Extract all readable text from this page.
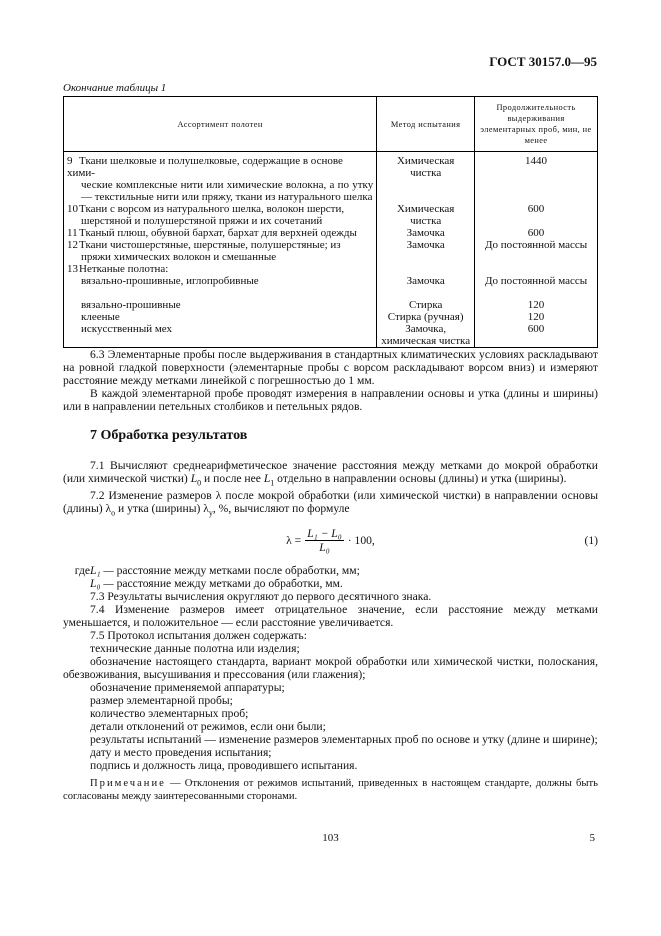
ГОСТ 30157.0—95
Окончание таблицы 1
Ассортимент полотен	Метод испытания	Продолжительность выдерживания элементарных проб, мин, не менее
9 Ткани шелковые и полушелковые, содержащие в основе хими-
ческие комплексные нити или химические волокна, а по утку — текстильные нити или пряжу, ткани из натурального шелка	Химическая чистка	1440
10Ткани с ворсом из натурального шелка, волокон шерсти,
шерстяной и полушерстяной пряжи и их сочетаний	Химическая чистка	600
11Тканый плюш, обувной бархат, бархат для верхней одежды	Замочка	600
12Ткани чистошерстяные, шерстяные, полушерстяные; из
пряжи химических волокон и смешанные	Замочка	До постоянной массы
13Нетканые полотна:		
вязально-прошивные, иглопробивные	Замочка	До постоянной массы
вязально-прошивные	Стирка	120
клееные	Стирка (ручная)	120
искусственный мех	Замочка, химическая чистка	600

6.3 Элементарные пробы после выдерживания в стандартных климатических условиях раскладывают на ровной гладкой поверхности (элементарные пробы с ворсом раскладывают ворсом вниз) и измеряют расстояние между метками линейкой с погрешностью до 1 мм.

В каждой элементарной пробе проводят измерения в направлении основы и утка (длины и ширины) или в направлении петельных столбиков и петельных рядов.

7 Обработка результатов

7.1 Вычисляют среднеарифметическое значение расстояния между метками до мокрой обработки (или химической чистки) $L_0$ и после нее $L_1$ отдельно в направлении основы (длины) и утка (ширины).

7.2 Изменение размеров λ после мокрой обработки (или химической чистки) в направлении основы (длины) $\lambda_о$ и утка (ширины) $\lambda_у$, %, вычисляют по формуле

$\lambda = \frac{\text{L₁ − L₀}}{\text{L₀}} \cdot 100$,	(1)
гдеL₁ — расстояние между метками после обработки, мм;
L₀ — расстояние между метками до обработки, мм.

7.3 Результаты вычисления округляют до первого десятичного знака.

7.4 Изменение размеров имеет отрицательное значение, если расстояние между метками уменьшается, и положительное — если расстояние увеличивается.

7.5 Протокол испытания должен содержать:

технические данные полотна или изделия;

обозначение настоящего стандарта, вариант мокрой обработки или химической чистки, полоскания, обезвоживания, высушивания и прессования (или глажения);

обозначение применяемой аппаратуры;

размер элементарной пробы;

количество элементарных проб;

детали отклонений от режимов, если они были;

результаты испытаний — изменение размеров элементарных проб по основе и утку (длине и ширине);

дату и место проведения испытания;

подпись и должность лица, проводившего испытания.

Примечание — Отклонения от режимов испытаний, приведенных в настоящем стандарте, должны быть согласованы между заинтересованными сторонами.

103	5
